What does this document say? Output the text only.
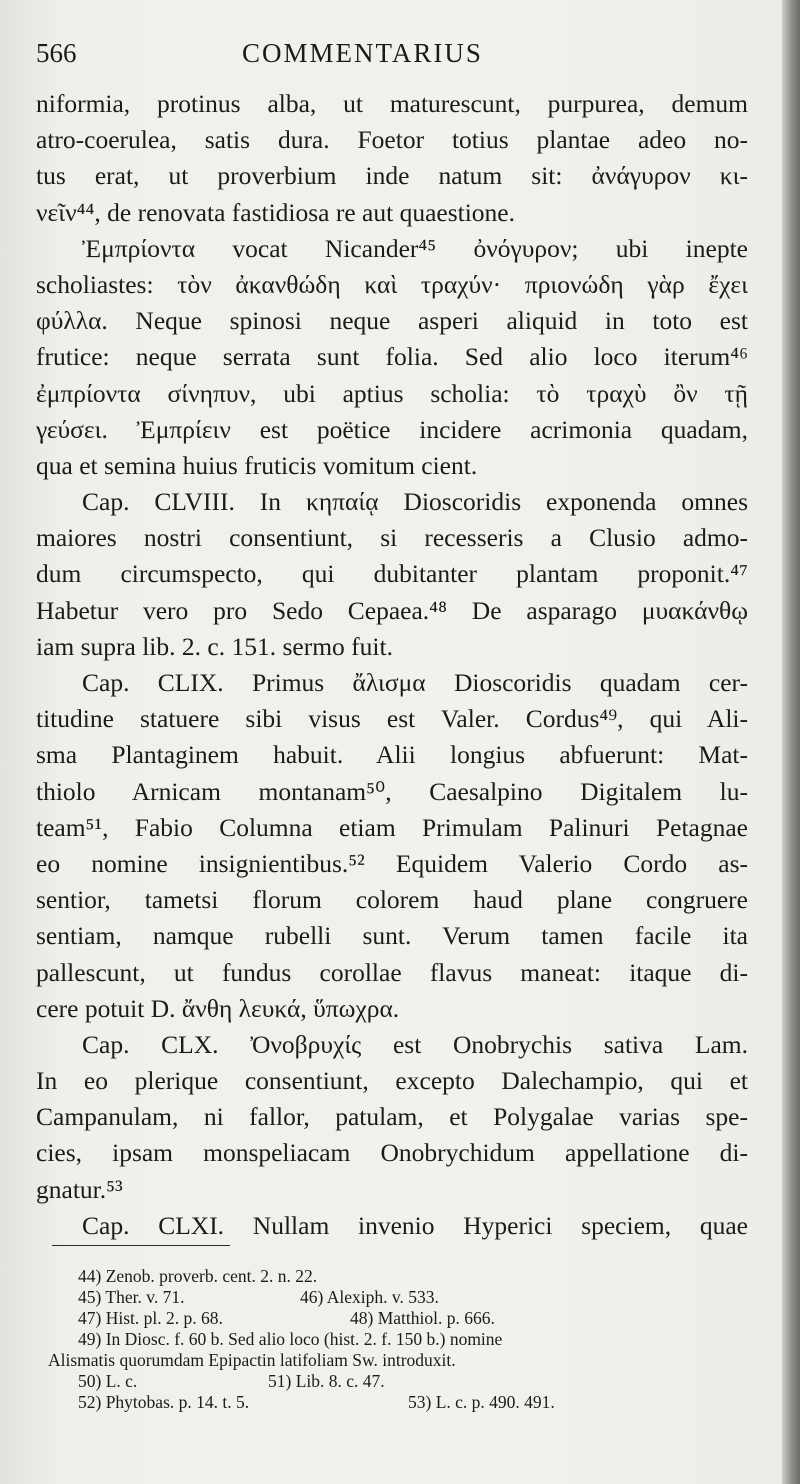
566	COMMENTARIUS
niformia, protinus alba, ut maturescunt, purpurea, demum
atro-coerulea, satis dura. Foetor totius plantae adeo no-
tus erat, ut proverbium inde natum sit: ἀνάγυρον κι-
νεῖν⁴⁴, de renovata fastidiosa re aut quaestione.
Ἐμπρίοντα vocat Nicander⁴⁵ ὀνόγυρον; ubi inepte
scholiastes: τὸν ἀκανθώδη καὶ τραχύν· πριονώδη γὰρ ἔχει
φύλλα. Neque spinosi neque asperi aliquid in toto est
frutice: neque serrata sunt folia. Sed alio loco iterum⁴⁶
ἐμπρίοντα σίνηπυν, ubi aptius scholia: τὸ τραχὺ ὂν τῇ
γεύσει. Ἐμπρίειν est poëtice incidere acrimonia quadam,
qua et semina huius fruticis vomitum cient.
Cap. CLVIII. In κηπαίᾳ Dioscoridis exponenda omnes
maiores nostri consentiunt, si recesseris a Clusio admo-
dum circumspecto, qui dubitanter plantam proponit.⁴⁷
Habetur vero pro Sedo Cepaea.⁴⁸ De asparago μυακάνθῳ
iam supra lib. 2. c. 151. sermo fuit.
Cap. CLIX. Primus ἄλισμα Dioscoridis quadam cer-
titudine statuere sibi visus est Valer. Cordus⁴⁹, qui Ali-
sma Plantaginem habuit. Alii longius abfuerunt: Mat-
thiolo Arnicam montanam⁵⁰, Caesalpino Digitalem lu-
team⁵¹, Fabio Columna etiam Primulam Palinuri Petagnae
eo nomine insignientibus.⁵² Equidem Valerio Cordo as-
sentior, tametsi florum colorem haud plane congruere
sentiam, namque rubelli sunt. Verum tamen facile ita
pallescunt, ut fundus corollae flavus maneat: itaque di-
cere potuit D. ἄνθη λευκά, ὕπωχρα.
Cap. CLX. Ὀνοβρυχίς est Onobrychis sativa Lam.
In eo plerique consentiunt, excepto Dalechampio, qui et
Campanulam, ni fallor, patulam, et Polygalae varias spe-
cies, ipsam monspeliacam Onobrychidum appellatione di-
gnatur.⁵³
Cap. CLXI. Nullam invenio Hyperici speciem, quae
44) Zenob. proverb. cent. 2. n. 22.
45) Ther. v. 71.	46) Alexiph. v. 533.
47) Hist. pl. 2. p. 68.	48) Matthiol. p. 666.
49) In Diosc. f. 60 b. Sed alio loco (hist. 2. f. 150 b.) nomine
Alismatis quorumdam Epipactin latifoliam Sw. introduxit.
50) L. c.	51) Lib. 8. c. 47.
52) Phytobas. p. 14. t. 5.	53) L. c. p. 490. 491.
